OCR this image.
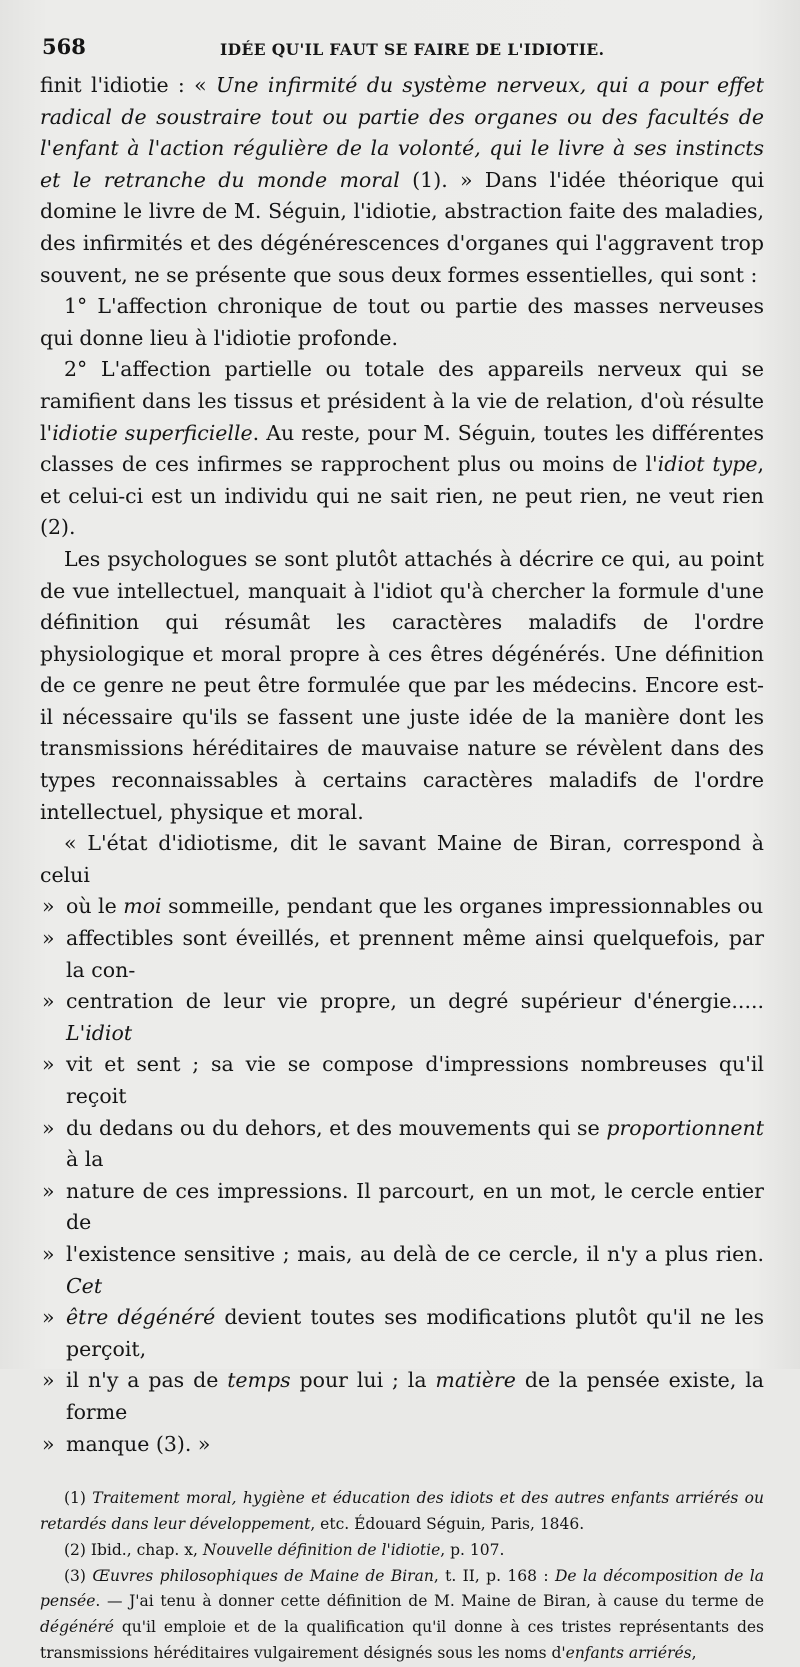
568	IDÉE QU'IL FAUT SE FAIRE DE L'IDIOTIE.

finit l'idiotie : « Une infirmité du système nerveux, qui a pour effet radical de soustraire tout ou partie des organes ou des facultés de l'enfant à l'action régulière de la volonté, qui le livre à ses instincts et le retranche du monde moral (1). » Dans l'idée théorique qui domine le livre de M. Séguin, l'idiotie, abstraction faite des maladies, des infirmités et des dégénérescences d'organes qui l'aggravent trop souvent, ne se présente que sous deux formes essentielles, qui sont :

1° L'affection chronique de tout ou partie des masses nerveuses qui donne lieu à l'idiotie profonde.

2° L'affection partielle ou totale des appareils nerveux qui se ramifient dans les tissus et président à la vie de relation, d'où résulte l'idiotie superficielle. Au reste, pour M. Séguin, toutes les différentes classes de ces infirmes se rapprochent plus ou moins de l'idiot type, et celui-ci est un individu qui ne sait rien, ne peut rien, ne veut rien (2).

Les psychologues se sont plutôt attachés à décrire ce qui, au point de vue intellectuel, manquait à l'idiot qu'à chercher la formule d'une définition qui résumât les caractères maladifs de l'ordre physiologique et moral propre à ces êtres dégénérés. Une définition de ce genre ne peut être formulée que par les médecins. Encore est-il nécessaire qu'ils se fassent une juste idée de la manière dont les transmissions héréditaires de mauvaise nature se révèlent dans des types reconnaissables à certains caractères maladifs de l'ordre intellectuel, physique et moral.

« L'état d'idiotisme, dit le savant Maine de Biran, correspond à celui

» où le moi sommeille, pendant que les organes impressionnables ou

» affectibles sont éveillés, et prennent même ainsi quelquefois, par la con-

» centration de leur vie propre, un degré supérieur d'énergie..... L'idiot

» vit et sent ; sa vie se compose d'impressions nombreuses qu'il reçoit

» du dedans ou du dehors, et des mouvements qui se proportionnent à la

» nature de ces impressions. Il parcourt, en un mot, le cercle entier de

» l'existence sensitive ; mais, au delà de ce cercle, il n'y a plus rien. Cet

» être dégénéré devient toutes ses modifications plutôt qu'il ne les perçoit,

» il n'y a pas de temps pour lui ; la matière de la pensée existe, la forme

» manque (3). »

(1) Traitement moral, hygiène et éducation des idiots et des autres enfants arriérés ou retardés dans leur développement, etc. Édouard Séguin, Paris, 1846.

(2) Ibid., chap. x, Nouvelle définition de l'idiotie, p. 107.

(3) Œuvres philosophiques de Maine de Biran, t. II, p. 168 : De la décomposition de la pensée. — J'ai tenu à donner cette définition de M. Maine de Biran, à cause du terme de dégénéré qu'il emploie et de la qualification qu'il donne à ces tristes représentants des transmissions héréditaires vulgairement désignés sous les noms d'enfants arriérés,
